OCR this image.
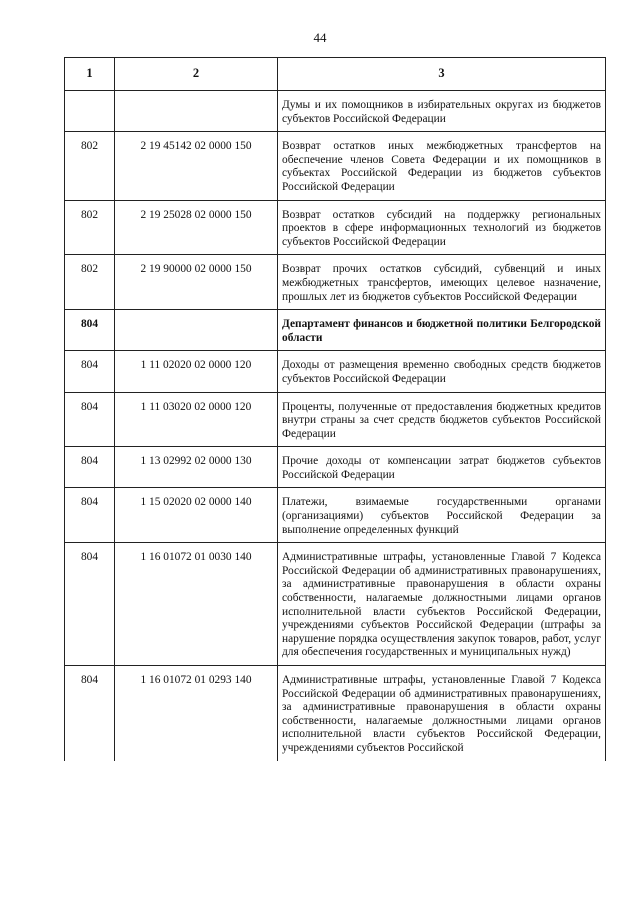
44
1	2	3
		Думы и их помощников в избирательных округах из бюджетов субъектов Российской Федерации
802	2 19 45142 02 0000 150	Возврат остатков иных межбюджетных трансфертов на обеспечение членов Совета Федерации и их помощников в субъектах Российской Федерации из бюджетов субъектов Российской Федерации
802	2 19 25028 02 0000 150	Возврат остатков субсидий на поддержку региональных проектов в сфере информационных технологий из бюджетов субъектов Российской Федерации
802	2 19 90000 02 0000 150	Возврат прочих остатков субсидий, субвенций и иных межбюджетных трансфертов, имеющих целевое назначение, прошлых лет из бюджетов субъектов Российской Федерации
804		Департамент финансов и бюджетной политики Белгородской области
804	1 11 02020 02 0000 120	Доходы от размещения временно свободных средств бюджетов субъектов Российской Федерации
804	1 11 03020 02 0000 120	Проценты, полученные от предоставления бюджетных кредитов внутри страны за счет средств бюджетов субъектов Российской Федерации
804	1 13 02992 02 0000 130	Прочие доходы от компенсации затрат бюджетов субъектов Российской Федерации
804	1 15 02020 02 0000 140	Платежи, взимаемые государственными органами (организациями) субъектов Российской Федерации за выполнение определенных функций
804	1 16 01072 01 0030 140	Административные штрафы, установленные Главой 7 Кодекса Российской Федерации об административных правонарушениях, за административные правонарушения в области охраны собственности, налагаемые должностными лицами органов исполнительной власти субъектов Российской Федерации, учреждениями субъектов Российской Федерации (штрафы за нарушение порядка осуществления закупок товаров, работ, услуг для обеспечения государственных и муниципальных нужд)
804	1 16 01072 01 0293 140	Административные штрафы, установленные Главой 7 Кодекса Российской Федерации об административных правонарушениях, за административные правонарушения в области охраны собственности, налагаемые должностными лицами органов исполнительной власти субъектов Российской Федерации, учреждениями субъектов Российской
